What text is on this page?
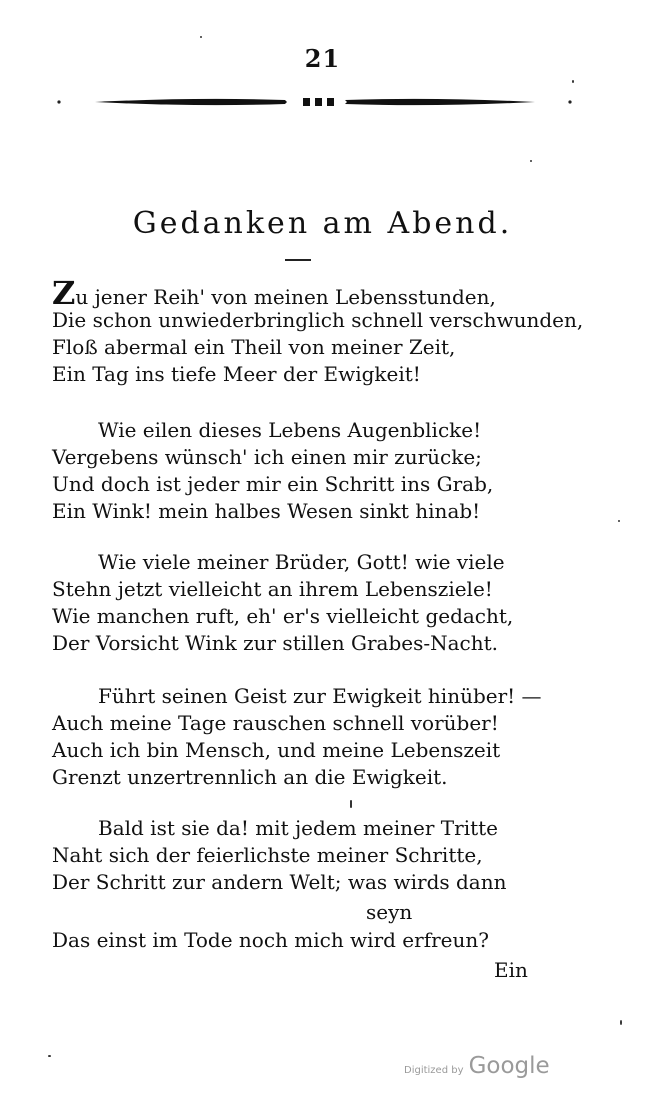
21
Gedanken am Abend.
Zu jener Reih' von meinen Lebensstunden,
Die schon unwiederbringlich schnell verschwunden,
Floß abermal ein Theil von meiner Zeit,
Ein Tag ins tiefe Meer der Ewigkeit!
Wie eilen dieses Lebens Augenblicke!
Vergebens wünsch' ich einen mir zurücke;
Und doch ist jeder mir ein Schritt ins Grab,
Ein Wink! mein halbes Wesen sinkt hinab!
Wie viele meiner Brüder, Gott! wie viele
Stehn jetzt vielleicht an ihrem Lebensziele!
Wie manchen ruft, eh' er's vielleicht gedacht,
Der Vorsicht Wink zur stillen Grabes-Nacht.
Führt seinen Geist zur Ewigkeit hinüber! —
Auch meine Tage rauschen schnell vorüber!
Auch ich bin Mensch, und meine Lebenszeit
Grenzt unzertrennlich an die Ewigkeit.
Bald ist sie da! mit jedem meiner Tritte
Naht sich der feierlichste meiner Schritte,
Der Schritt zur andern Welt; was wirds dann
seyn
Das einst im Tode noch mich wird erfreun?
Ein
Digitized by Google
